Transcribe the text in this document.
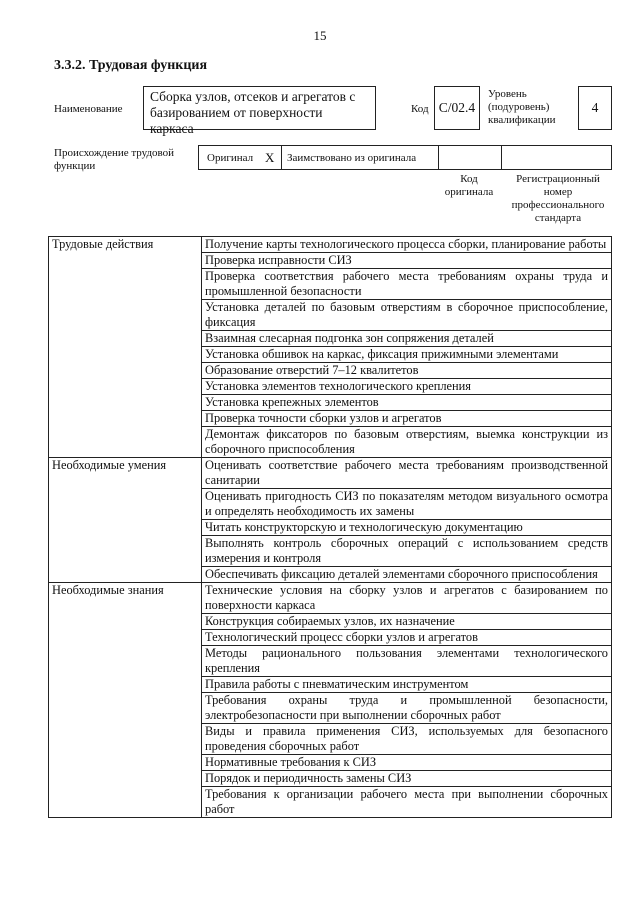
15
3.3.2. Трудовая функция
Наименование
Сборка узлов, отсеков и агрегатов с базированием от поверхности каркаса
Код С/02.4
Уровень (подуровень) квалификации
4
Происхождение трудовой функции
Оригинал X Заимствовано из оригинала
Код оригинала
Регистрационный номер профессионального стандарта
Трудовые действия	Получение карты технологического процесса сборки, планирование работы
	Проверка исправности СИЗ
	Проверка соответствия рабочего места требованиям охраны труда и промышленной безопасности
	Установка деталей по базовым отверстиям в сборочное приспособление, фиксация
	Взаимная слесарная подгонка зон сопряжения деталей
	Установка обшивок на каркас, фиксация прижимными элементами
	Образование отверстий 7–12 квалитетов
	Установка элементов технологического крепления
	Установка крепежных элементов
	Проверка точности сборки узлов и агрегатов
	Демонтаж фиксаторов по базовым отверстиям, выемка конструкции из сборочного приспособления
Необходимые умения	Оценивать соответствие рабочего места требованиям производственной санитарии
	Оценивать пригодность СИЗ по показателям методом визуального осмотра и определять необходимость их замены
	Читать конструкторскую и технологическую документацию
	Выполнять контроль сборочных операций с использованием средств измерения и контроля
	Обеспечивать фиксацию деталей элементами сборочного приспособления
Необходимые знания	Технические условия на сборку узлов и агрегатов с базированием по поверхности каркаса
	Конструкция собираемых узлов, их назначение
	Технологический процесс сборки узлов и агрегатов
	Методы рационального пользования элементами технологического крепления
	Правила работы с пневматическим инструментом
	Требования охраны труда и промышленной безопасности, электробезопасности при выполнении сборочных работ
	Виды и правила применения СИЗ, используемых для безопасного проведения сборочных работ
	Нормативные требования к СИЗ
	Порядок и периодичность замены СИЗ
	Требования к организации рабочего места при выполнении сборочных работ
